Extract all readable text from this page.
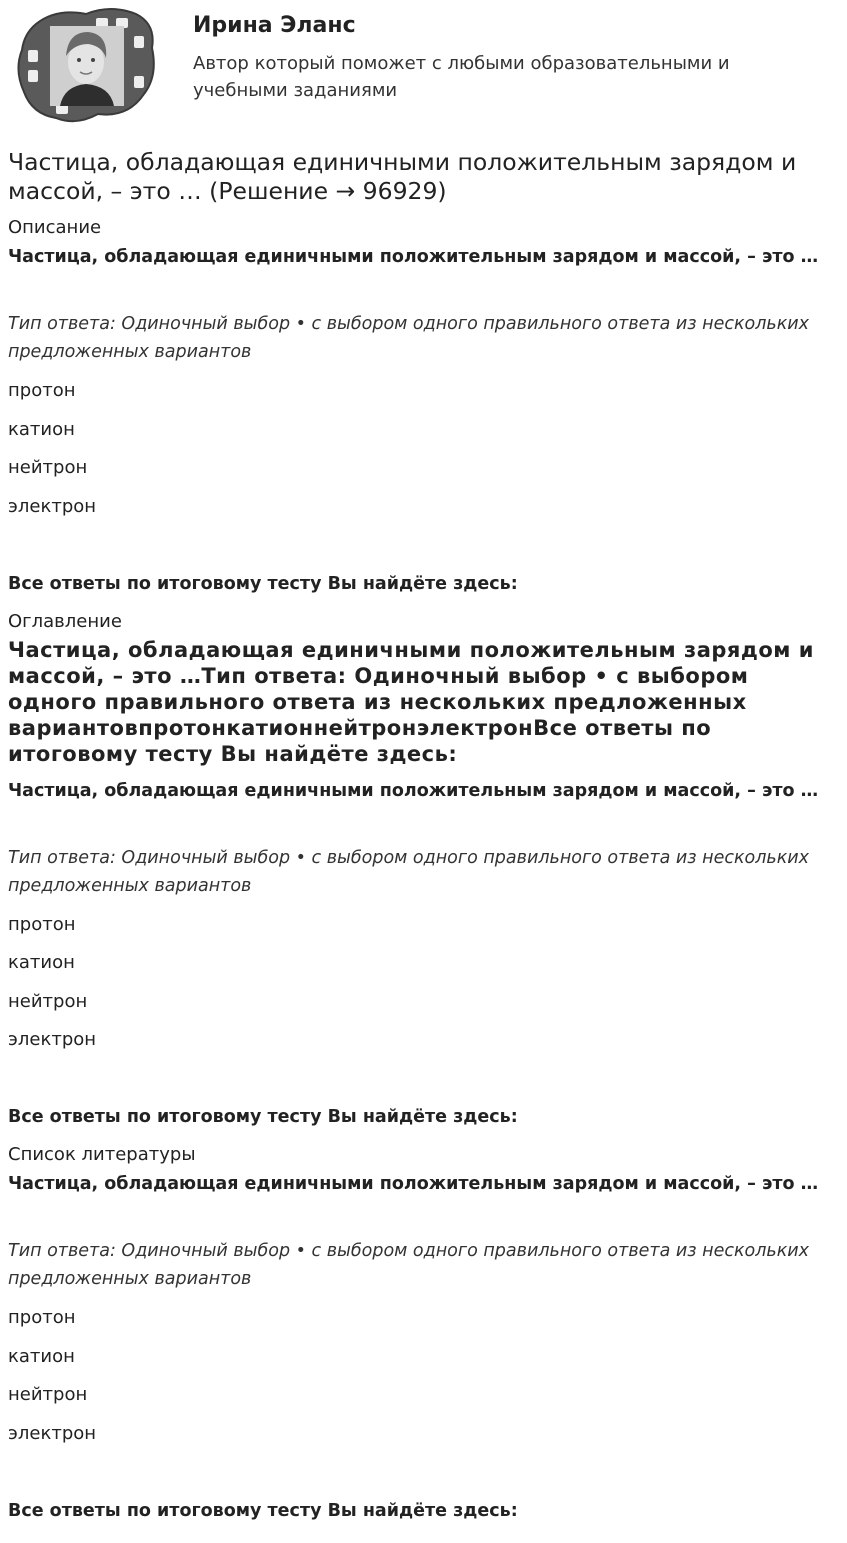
Ирина Эланс
Автор который поможет с любыми образовательными и учебными заданиями
Частица, обладающая единичными положительным зарядом и массой, – это … (Решение → 96929)
Описание
Частица, обладающая единичными положительным зарядом и массой, – это …
Тип ответа: Одиночный выбор • с выбором одного правильного ответа из нескольких предложенных вариантов
протон
катион
нейтрон
электрон
Все ответы по итоговому тесту Вы найдёте здесь:
Оглавление
Частица, обладающая единичными положительным зарядом и массой, – это …Тип ответа: Одиночный выбор • с выбором одного правильного ответа из нескольких предложенных вариантовпротонкатионнейтронэлектронВсе ответы по итоговому тесту Вы найдёте здесь:
Частица, обладающая единичными положительным зарядом и массой, – это …
Тип ответа: Одиночный выбор • с выбором одного правильного ответа из нескольких предложенных вариантов
протон
катион
нейтрон
электрон
Все ответы по итоговому тесту Вы найдёте здесь:
Список литературы
Частица, обладающая единичными положительным зарядом и массой, – это …
Тип ответа: Одиночный выбор • с выбором одного правильного ответа из нескольких предложенных вариантов
протон
катион
нейтрон
электрон
Все ответы по итоговому тесту Вы найдёте здесь:
